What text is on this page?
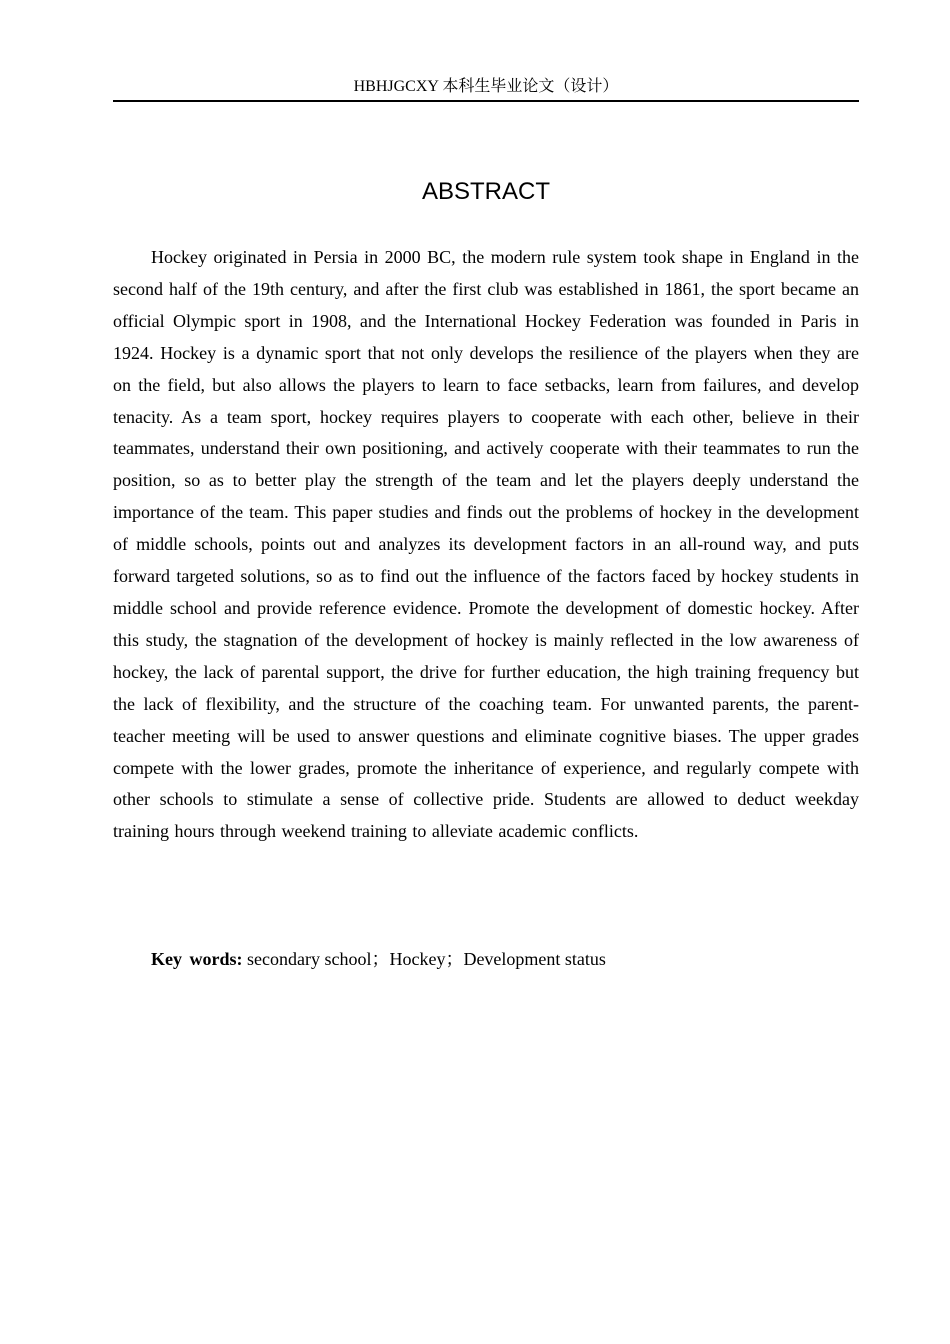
HBHJGCXY 本科生毕业论文（设计）
ABSTRACT

Hockey originated in Persia in 2000 BC, the modern rule system took shape in England in the second half of the 19th century, and after the first club was established in 1861, the sport became an official Olympic sport in 1908, and the International Hockey Federation was founded in Paris in 1924. Hockey is a dynamic sport that not only develops the resilience of the players when they are on the field, but also allows the players to learn to face setbacks, learn from failures, and develop tenacity. As a team sport, hockey requires players to cooperate with each other, believe in their teammates, understand their own positioning, and actively cooperate with their teammates to run the position, so as to better play the strength of the team and let the players deeply understand the importance of the team. This paper studies and finds out the problems of hockey in the development of middle schools, points out and analyzes its development factors in an all-round way, and puts forward targeted solutions, so as to find out the influence of the factors faced by hockey students in middle school and provide reference evidence. Promote the development of domestic hockey. After this study, the stagnation of the development of hockey is mainly reflected in the low awareness of hockey, the lack of parental support, the drive for further education, the high training frequency but the lack of flexibility, and the structure of the coaching team. For unwanted parents, the parent-teacher meeting will be used to answer questions and eliminate cognitive biases. The upper grades compete with the lower grades, promote the inheritance of experience, and regularly compete with other schools to stimulate a sense of collective pride. Students are allowed to deduct weekday training hours through weekend training to alleviate academic conflicts.

Key words: secondary school；Hockey；Development status
